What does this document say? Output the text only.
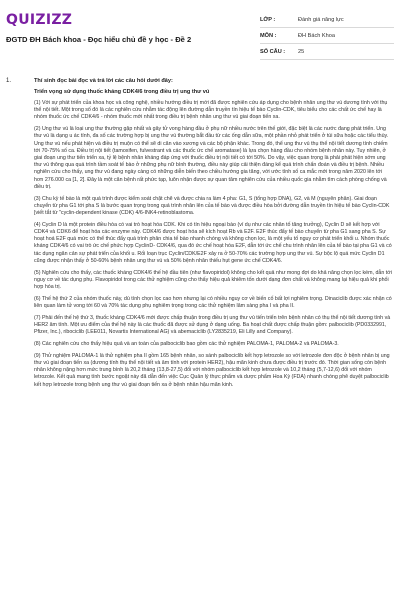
QUIZIZZ
ĐGTD ĐH Bách khoa - Đọc hiểu chủ đề y học - Đề 2
LỚP :	Đánh giá năng lực
MÔN :	ĐH Bách Khoa
SỐ CÂU :	25
1.	Thí sinh đọc bài đọc và trả lời các câu hỏi dưới đây:
Triển vọng sử dụng thuốc kháng CDK4/6 trong điều trị ung thư vú

(1) Với sự phát triển của khoa học và công nghệ, nhiều hướng điều trị mới đã được nghiên cứu áp dụng cho bệnh nhân ung thư vú dương tính với thụ thể nội tiết. Một trong số đó là các nghiên cứu nhằm tác động lên đường dẫn truyền tín hiệu tế bào Cyclin-CDK, tiêu biểu cho các chất ức chế hay là nhóm thuốc ức chế CDK4/6 - nhóm thuốc mới nhất trong điều trị bệnh nhân ung thư vú giai đoạn tiến xa.

(2) Ung thư vú là loại ung thư thường gặp nhất và gây tử vong hàng đầu ở phụ nữ nhiều nước trên thế giới, đặc biệt là các nước đang phát triển. Ung thư vú là dạng u ác tính, đa số các trường hợp bị ung thư vú thường bắt đầu từ các ống dẫn sữa, một phần nhỏ phát triển ở túi sữa hoặc các tiểu thùy. Ung thư vú nếu phát hiện và điều trị muộn có thể sẽ di căn vào xương và các bộ phận khác. Trong đó, thể ung thư vú thụ thể nội tiết dương tính chiếm tới 70-75% số ca. Điều trị nội tiết (tamoxifen, fulvestrant và các thuốc ức chế aromatase) là lựa chọn hàng đầu cho nhóm bệnh nhân này. Tuy nhiên, ở giai đoạn ung thư tiến triển xa, tỷ lệ bệnh nhân kháng đáp ứng với thuốc điều trị nội tiết có tới 50%. Do vậy, việc quan trọng là phải phát hiện sớm ung thư vú thông qua quá trình tầm soát tế bào ở những phụ nữ bình thường, điều này giúp cải thiện đáng kể quá trình chẩn đoán và điều trị bệnh. Nhiều nghiên cứu cho thấy, ung thư vú đang ngày càng có những diễn biến theo chiều hướng gia tăng, với ước tính số ca mắc mới trong năm 2020 lên tới hơn 276.000 ca [1, 2]. Đây là một căn bệnh rất phức tạp, luôn nhận được sự quan tâm nghiên cứu của nhiều quốc gia nhằm tìm cách phòng chống và điều trị.

(3) Chu kỳ tế bào là một quá trình được kiểm soát chặt chẽ và được chia ra làm 4 pha: G1, S (tổng hợp DNA), G2, và M (nguyên phân). Giai đoạn chuyển từ pha G1 tới pha S là bước quan trọng trong quá trình nhân lên của tế bào và được điều hòa bởi đường dẫn truyền tín hiệu tế bào Cyclin-CDK [viết tắt từ "cyclin-dependent kinase (CDK) 4/6-INK4-retinoblastoma.

(4) Cyclin D là một protein điều hòa có vai trò hoạt hóa CDK. Khi có tín hiệu ngoại bào (ví dụ như các nhân tố tăng trưởng), Cyclin D sẽ kết hợp với CDK4 và CDK6 để hoạt hóa các enzyme này. CDK4/6 được hoạt hóa sẽ kích hoạt Rb và E2F. E2F thúc đẩy tế bào chuyển từ pha G1 sang pha S. Sự hoạt hoá E2F quá mức có thể thúc đẩy quá trình phân chia tế bào nhanh chóng và không chọn lọc, là một yếu tố nguy cơ phát triển khối u. Nhóm thuốc kháng CDK4/6 có vai trò ức chế phức hợp CyclinD- CDK4/6, qua đó ức chế hoạt hóa E2F, dẫn tới ức chế chu trình nhân lên của tế bào tại pha G1 và có tác dụng ngăn cản sự phát triển của khối u. Rối loạn trục Cyclin/CDK/E2F xảy ra ở 50-70% các trường hợp ung thư vú. Sự bộc lộ quá mức Cyclin D1 cũng được nhận thấy ở 50-60% bệnh nhân ung thư vú và 50% bệnh nhân thiếu hụt gene ức chế CDK4/6.

(5) Nghiên cứu cho thấy, các thuốc kháng CDK4/6 thế hệ đầu tiên (như flavopiridol) không cho kết quả như mong đợi do khả năng chọn lọc kém, dẫn tới nguy cơ về tác dụng phụ. Flavopiridol trong các thử nghiệm cũng cho thấy hiệu quả khiêm tốn dưới dạng đơn chất và không mang lại hiệu quả khi phối hợp hóa trị.

(6) Thế hệ thứ 2 của nhóm thuốc này, dù tính chọn lọc cao hơn nhưng lại có nhiều nguy cơ về biến cố bất lợi nghiêm trọng. Dinaciclib được xác nhận có liên quan làm tử vong tới 60 và 70% tác dụng phụ nghiêm trọng trong các thử nghiệm lâm sàng pha I và pha II.

(7) Phải đến thế hệ thứ 3, thuốc kháng CDK4/6 mới được chấp thuận trong điều trị ung thư vú tiến triển trên bệnh nhân có thụ thể nội tiết dương tính và HER2 âm tính. Một ưu điểm của thế hệ này là các thuốc đã được sử dụng ở dạng uống. Ba hoạt chất được chấp thuận gồm: palbociclib (PD0332991, Pfizer, Inc.), ribociclib (LEE011, Novartis International AG) và abemaciclib (LY2835219, Eli Lilly and Company).

(8) Các nghiên cứu cho thấy hiệu quả và an toàn của palbociclib bao gồm các thử nghiệm PALOMA-1, PALOMA-2 và PALOMA-3.

(9) Thử nghiệm PALOMA-1 là thử nghiệm pha II gồm 165 bệnh nhân, so sánh palbociclib kết hợp letrozole so với letrozole đơn độc ở bệnh nhân bị ung thư vú giai đoạn tiến xa (dương tính thụ thể nội tiết và âm tính với protein HER2), hậu mãn kinh chưa được điều trị trước đó. Thời gian sống còn bệnh nhân không nặng hơn mức trung bình là 20,2 tháng (13,8-27,5) đối với nhóm palbociclib kết hợp letrozole và 10,2 tháng (5,7-12,6) đối với nhóm letrozole. Kết quả mang tính bước ngoặt này đã dẫn đến việc Cục Quản lý thực phẩm và dược phẩm Hoa Kỳ (FDA) nhanh chóng phê duyệt palbociclib kết hợp letrozole trong bệnh ung thư vú giai đoạn tiến xa ở bệnh nhân hậu mãn kinh.
